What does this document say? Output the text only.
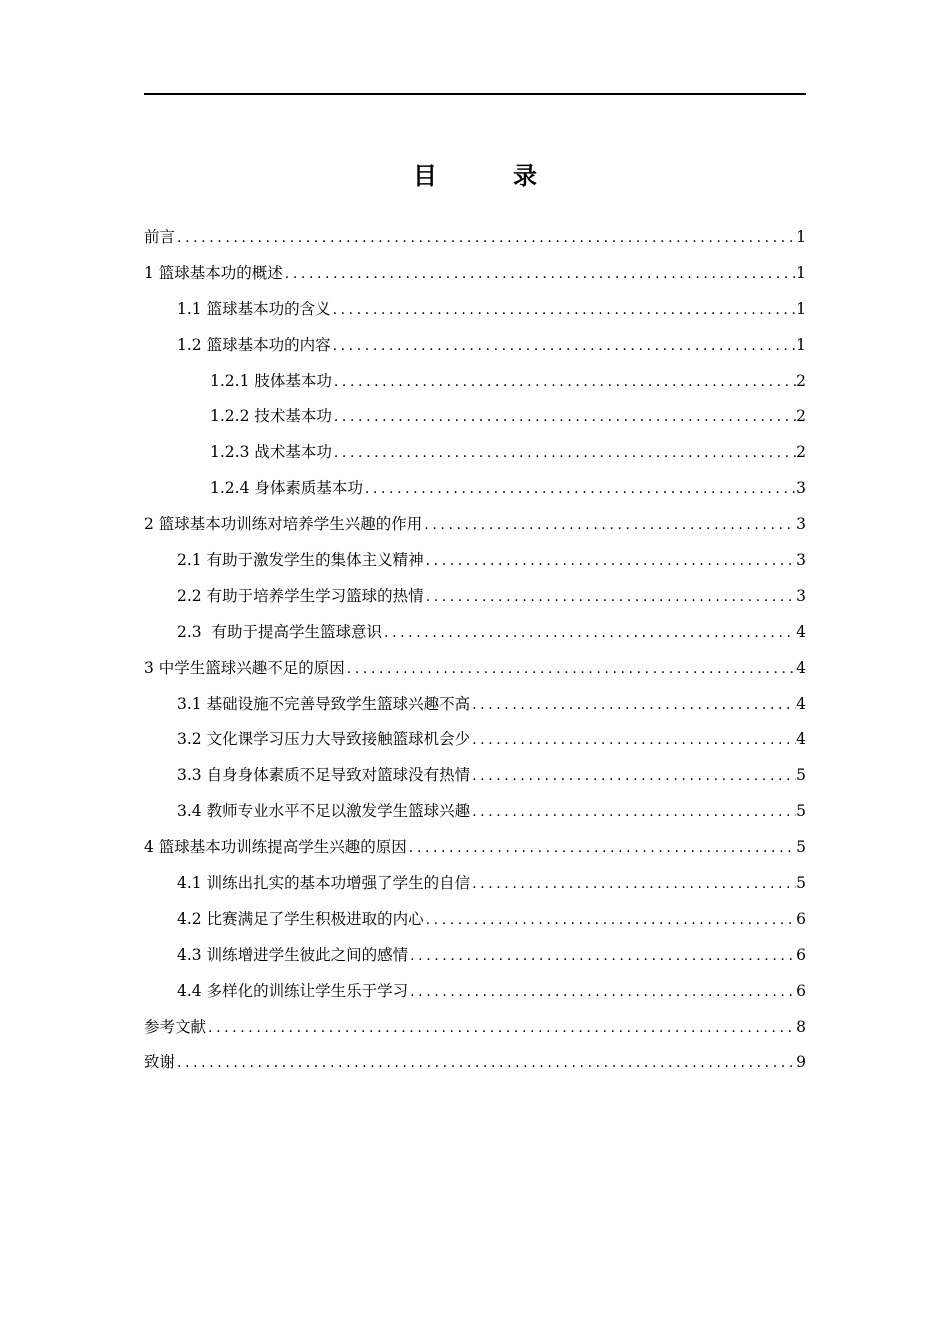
目　录
前言 .....	1
1 篮球基本功的概述 .....	1
1.1 篮球基本功的含义 .....	1
1.2 篮球基本功的内容 .....	1
1.2.1 肢体基本功 .....	2
1.2.2 技术基本功 .....	2
1.2.3 战术基本功 .....	2
1.2.4 身体素质基本功 .....	3
2 篮球基本功训练对培养学生兴趣的作用 .....	3
2.1 有助于激发学生的集体主义精神 .....	3
2.2 有助于培养学生学习篮球的热情 .....	3
2.3  有助于提高学生篮球意识 .....	4
3 中学生篮球兴趣不足的原因 .....	4
3.1 基础设施不完善导致学生篮球兴趣不高 .....	4
3.2 文化课学习压力大导致接触篮球机会少 .....	4
3.3 自身身体素质不足导致对篮球没有热情 .....	5
3.4 教师专业水平不足以激发学生篮球兴趣 .....	5
4 篮球基本功训练提高学生兴趣的原因 .....	5
4.1 训练出扎实的基本功增强了学生的自信 .....	5
4.2 比赛满足了学生积极进取的内心 .....	6
4.3 训练增进学生彼此之间的感情 .....	6
4.4 多样化的训练让学生乐于学习 .....	6
参考文献 .....	8
致谢 .....	9
